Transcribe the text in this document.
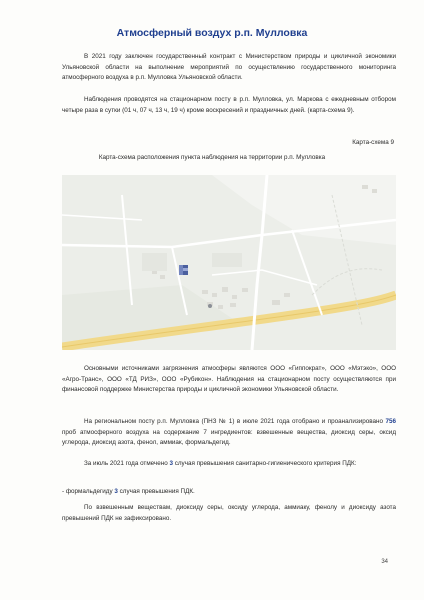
Атмосферный воздух р.п. Мулловка

В 2021 году заключен государственный контракт с Министерством природы и цикличной экономики Ульяновской области на выполнение мероприятий по осуществлению государственного мониторинга атмосферного воздуха в р.п. Мулловка Ульяновской области.

Наблюдения проводятся на стационарном посту в р.п. Мулловка, ул. Маркова с ежедневным отбором четыре раза в сутки (01 ч, 07 ч, 13 ч, 19 ч) кроме воскресений и праздничных дней. (карта-схема 9).

Карта-схема 9
Карта-схема расположения пункта наблюдения на территории р.п. Мулловка

Основными источниками загрязнения атмосферы являются ООО «Гиппократ», ООО «Мэтэко», ООО «Агро-Транс», ООО «ТД РИЗ», ООО «Рубикон». Наблюдения на стационарном посту осуществляются при финансовой поддержке Министерства природы и цикличной экономики Ульяновской области.

На региональном посту р.п. Мулловка (ПНЗ № 1) в июле 2021 года отобрано и проанализировано 756 проб атмосферного воздуха на содержание 7 ингредиентов: взвешенные вещества, диоксид серы, оксид углерода, диоксид азота, фенол, аммиак, формальдегид.

За июль 2021 года отмечено 3 случая превышения санитарно-гигиенического критерия ПДК:

- формальдегиду 3 случая превышения ПДК.

По взвешенным веществам, диоксиду серы, оксиду углерода, аммиаку, фенолу и диоксиду азота превышений ПДК не зафиксировано.

34
